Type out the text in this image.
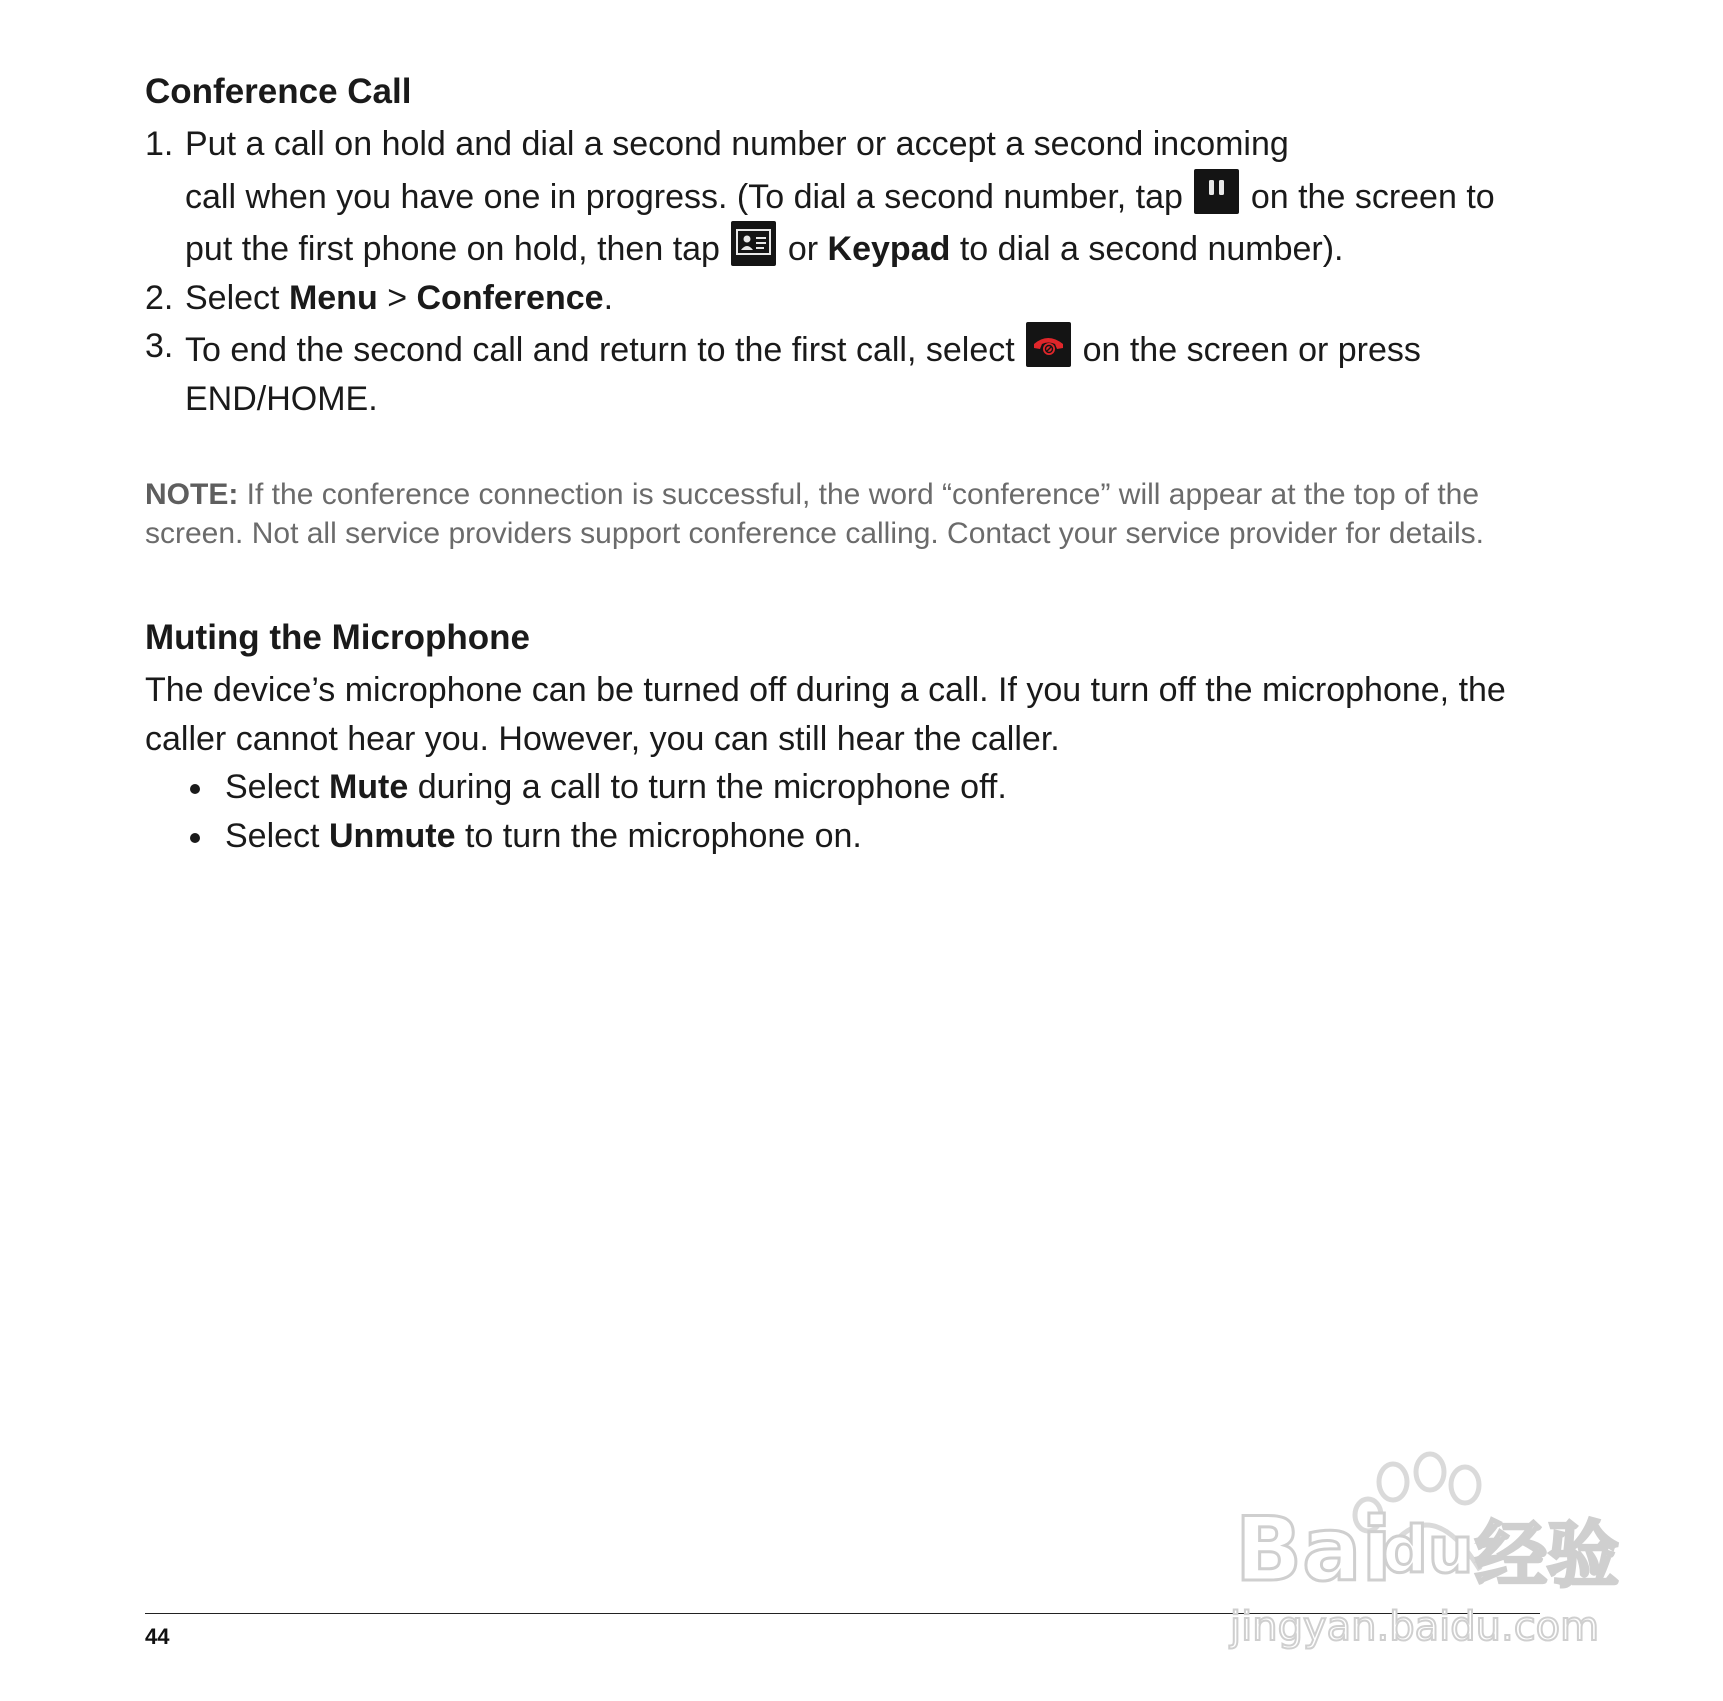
Conference Call
1. Put a call on hold and dial a second number or accept a second incoming
call when you have one in progress. (To dial a second number, tap on the screen to put the first phone on hold, then tap or Keypad to dial a second number).
2. Select Menu > Conference.
3. To end the second call and return to the first call, select on the screen or press END/HOME.

NOTE: If the conference connection is successful, the word “conference” will appear at the top of the screen. Not all service providers support conference calling. Contact your service provider for details.

Muting the Microphone

The device’s microphone can be turned off during a call. If you turn off the microphone, the caller cannot hear you. However, you can still hear the caller.

Select Mute during a call to turn the microphone off.
Select Unmute to turn the microphone on.
44
Bai
du 经验
jingyan.baidu.com
